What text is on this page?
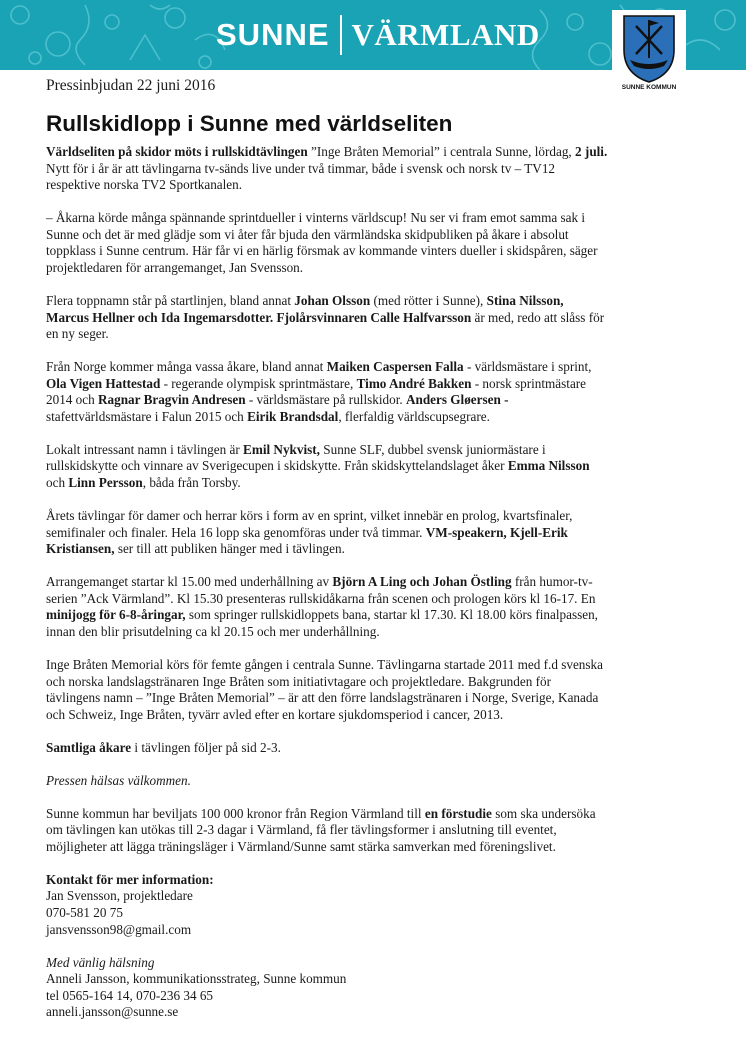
SUNNE VÄRMLAND
SUNNE KOMMUN
Pressinbjudan 22 juni 2016
Rullskidlopp i Sunne med världseliten

Världseliten på skidor möts i rullskidtävlingen ”Inge Bråten Memorial” i centrala Sunne, lördag, 2 juli. Nytt för i år är att tävlingarna tv-sänds live under två timmar, både i svensk och norsk tv – TV12 respektive norska TV2 Sportkanalen.

– Åkarna körde många spännande sprintdueller i vinterns världscup! Nu ser vi fram emot samma sak i Sunne och det är med glädje som vi åter får bjuda den värmländska skidpubliken på åkare i absolut toppklass i Sunne centrum. Här får vi en härlig försmak av kommande vinters dueller i skidspåren, säger projektledaren för arrangemanget, Jan Svensson.

Flera toppnamn står på startlinjen, bland annat Johan Olsson (med rötter i Sunne), Stina Nilsson, Marcus Hellner och Ida Ingemarsdotter. Fjolårsvinnaren Calle Halfvarsson är med, redo att slåss för en ny seger.

Från Norge kommer många vassa åkare, bland annat Maiken Caspersen Falla - världsmästare i sprint, Ola Vigen Hattestad - regerande olympisk sprintmästare, Timo André Bakken - norsk sprintmästare 2014 och Ragnar Bragvin Andresen - världsmästare på rullskidor. Anders Gløersen - stafettvärldsmästare i Falun 2015 och Eirik Brandsdal, flerfaldig världscupsegrare.

Lokalt intressant namn i tävlingen är Emil Nykvist, Sunne SLF, dubbel svensk juniormästare i rullskidskytte och vinnare av Sverigecupen i skidskytte. Från skidskyttelandslaget åker Emma Nilsson och Linn Persson, båda från Torsby.

Årets tävlingar för damer och herrar körs i form av en sprint, vilket innebär en prolog, kvartsfinaler, semifinaler och finaler. Hela 16 lopp ska genomföras under två timmar. VM-speakern, Kjell-Erik Kristiansen, ser till att publiken hänger med i tävlingen.

Arrangemanget startar kl 15.00 med underhållning av Björn A Ling och Johan Östling från humor-tv-serien ”Ack Värmland”. Kl 15.30 presenteras rullskidåkarna från scenen och prologen körs kl 16-17. En minijogg för 6-8-åringar, som springer rullskidloppets bana, startar kl 17.30. Kl 18.00 körs finalpassen, innan den blir prisutdelning ca kl 20.15 och mer underhållning.

Inge Bråten Memorial körs för femte gången i centrala Sunne. Tävlingarna startade 2011 med f.d svenska och norska landslagstränaren Inge Bråten som initiativtagare och projektledare. Bakgrunden för tävlingens namn – ”Inge Bråten Memorial” – är att den förre landslagstränaren i Norge, Sverige, Kanada och Schweiz, Inge Bråten, tyvärr avled efter en kortare sjukdomsperiod i cancer, 2013.

Samtliga åkare i tävlingen följer på sid 2-3.

Pressen hälsas välkommen.

Sunne kommun har beviljats 100 000 kronor från Region Värmland till en förstudie som ska undersöka om tävlingen kan utökas till 2-3 dagar i Värmland, få fler tävlingsformer i anslutning till eventet, möjligheter att lägga träningsläger i Värmland/Sunne samt stärka samverkan med föreningslivet.

Kontakt för mer information:
Jan Svensson, projektledare
070-581 20 75
jansvensson98@gmail.com
Med vänlig hälsning
Anneli Jansson, kommunikationsstrateg, Sunne kommun
tel 0565-164 14, 070-236 34 65
anneli.jansson@sunne.se
